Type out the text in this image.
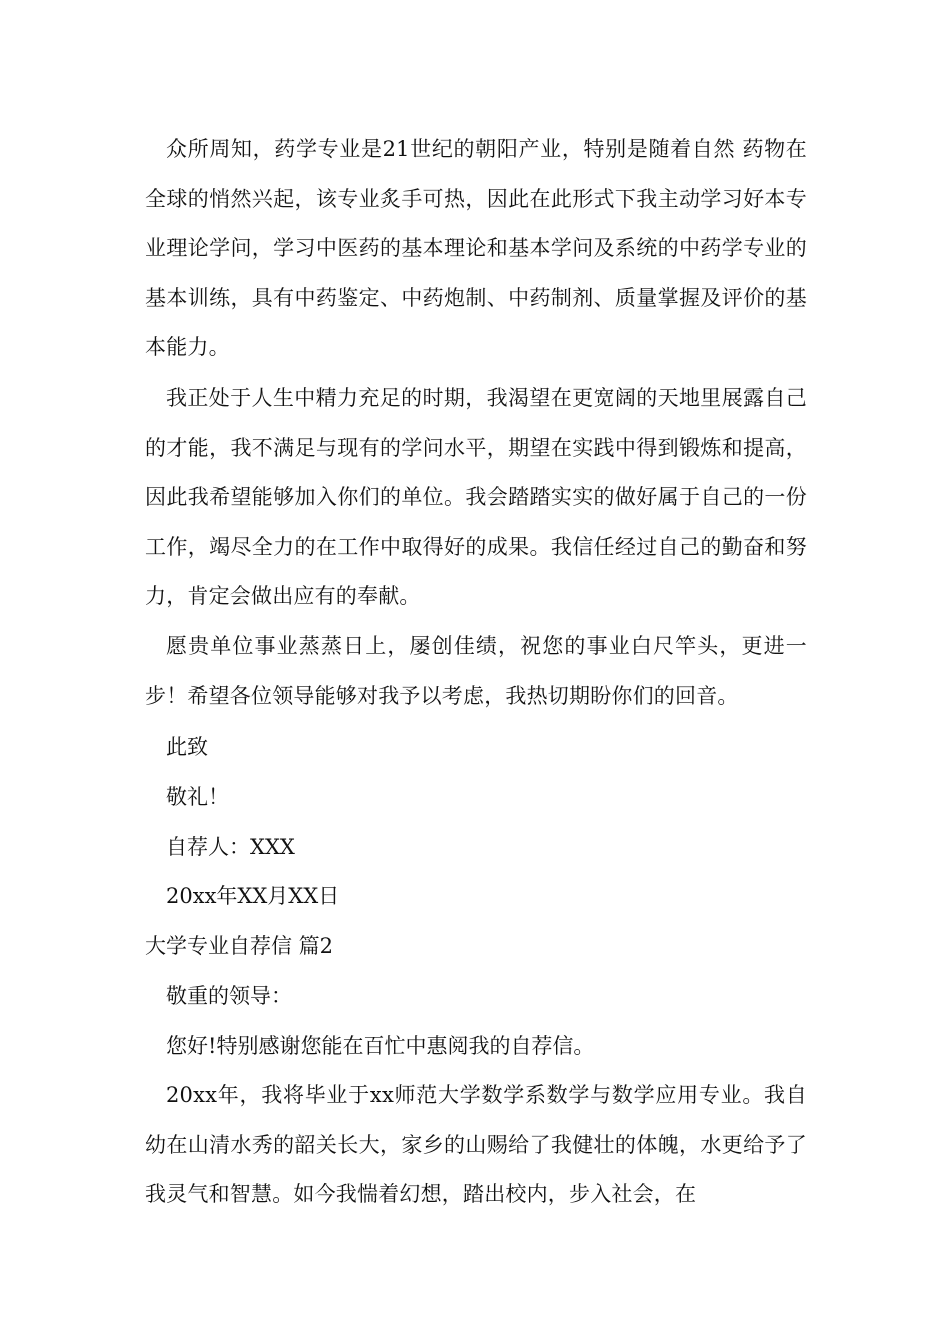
众所周知，药学专业是21世纪的朝阳产业，特别是随着自然 药物在全球的悄然兴起，该专业炙手可热，因此在此形式下我主动学习好本专业理论学问，学习中医药的基本理论和基本学问及系统的中药学专业的基本训练，具有中药鉴定、中药炮制、中药制剂、质量掌握及评价的基本能力。

我正处于人生中精力充足的时期，我渴望在更宽阔的天地里展露自己的才能，我不满足与现有的学问水平，期望在实践中得到锻炼和提高，因此我希望能够加入你们的单位。我会踏踏实实的做好属于自己的一份工作，竭尽全力的在工作中取得好的成果。我信任经过自己的勤奋和努力，肯定会做出应有的奉献。

愿贵单位事业蒸蒸日上，屡创佳绩，祝您的事业白尺竿头，更进一步！希望各位领导能够对我予以考虑，我热切期盼你们的回音。

此致

敬礼！

自荐人：XXX

20xx年XX月XX日

大学专业自荐信 篇2

敬重的领导：

您好!特别感谢您能在百忙中惠阅我的自荐信。

20xx年，我将毕业于xx师范大学数学系数学与数学应用专业。我自幼在山清水秀的韶关长大，家乡的山赐给了我健壮的体魄，水更给予了我灵气和智慧。如今我惴着幻想，踏出校内，步入社会，在
